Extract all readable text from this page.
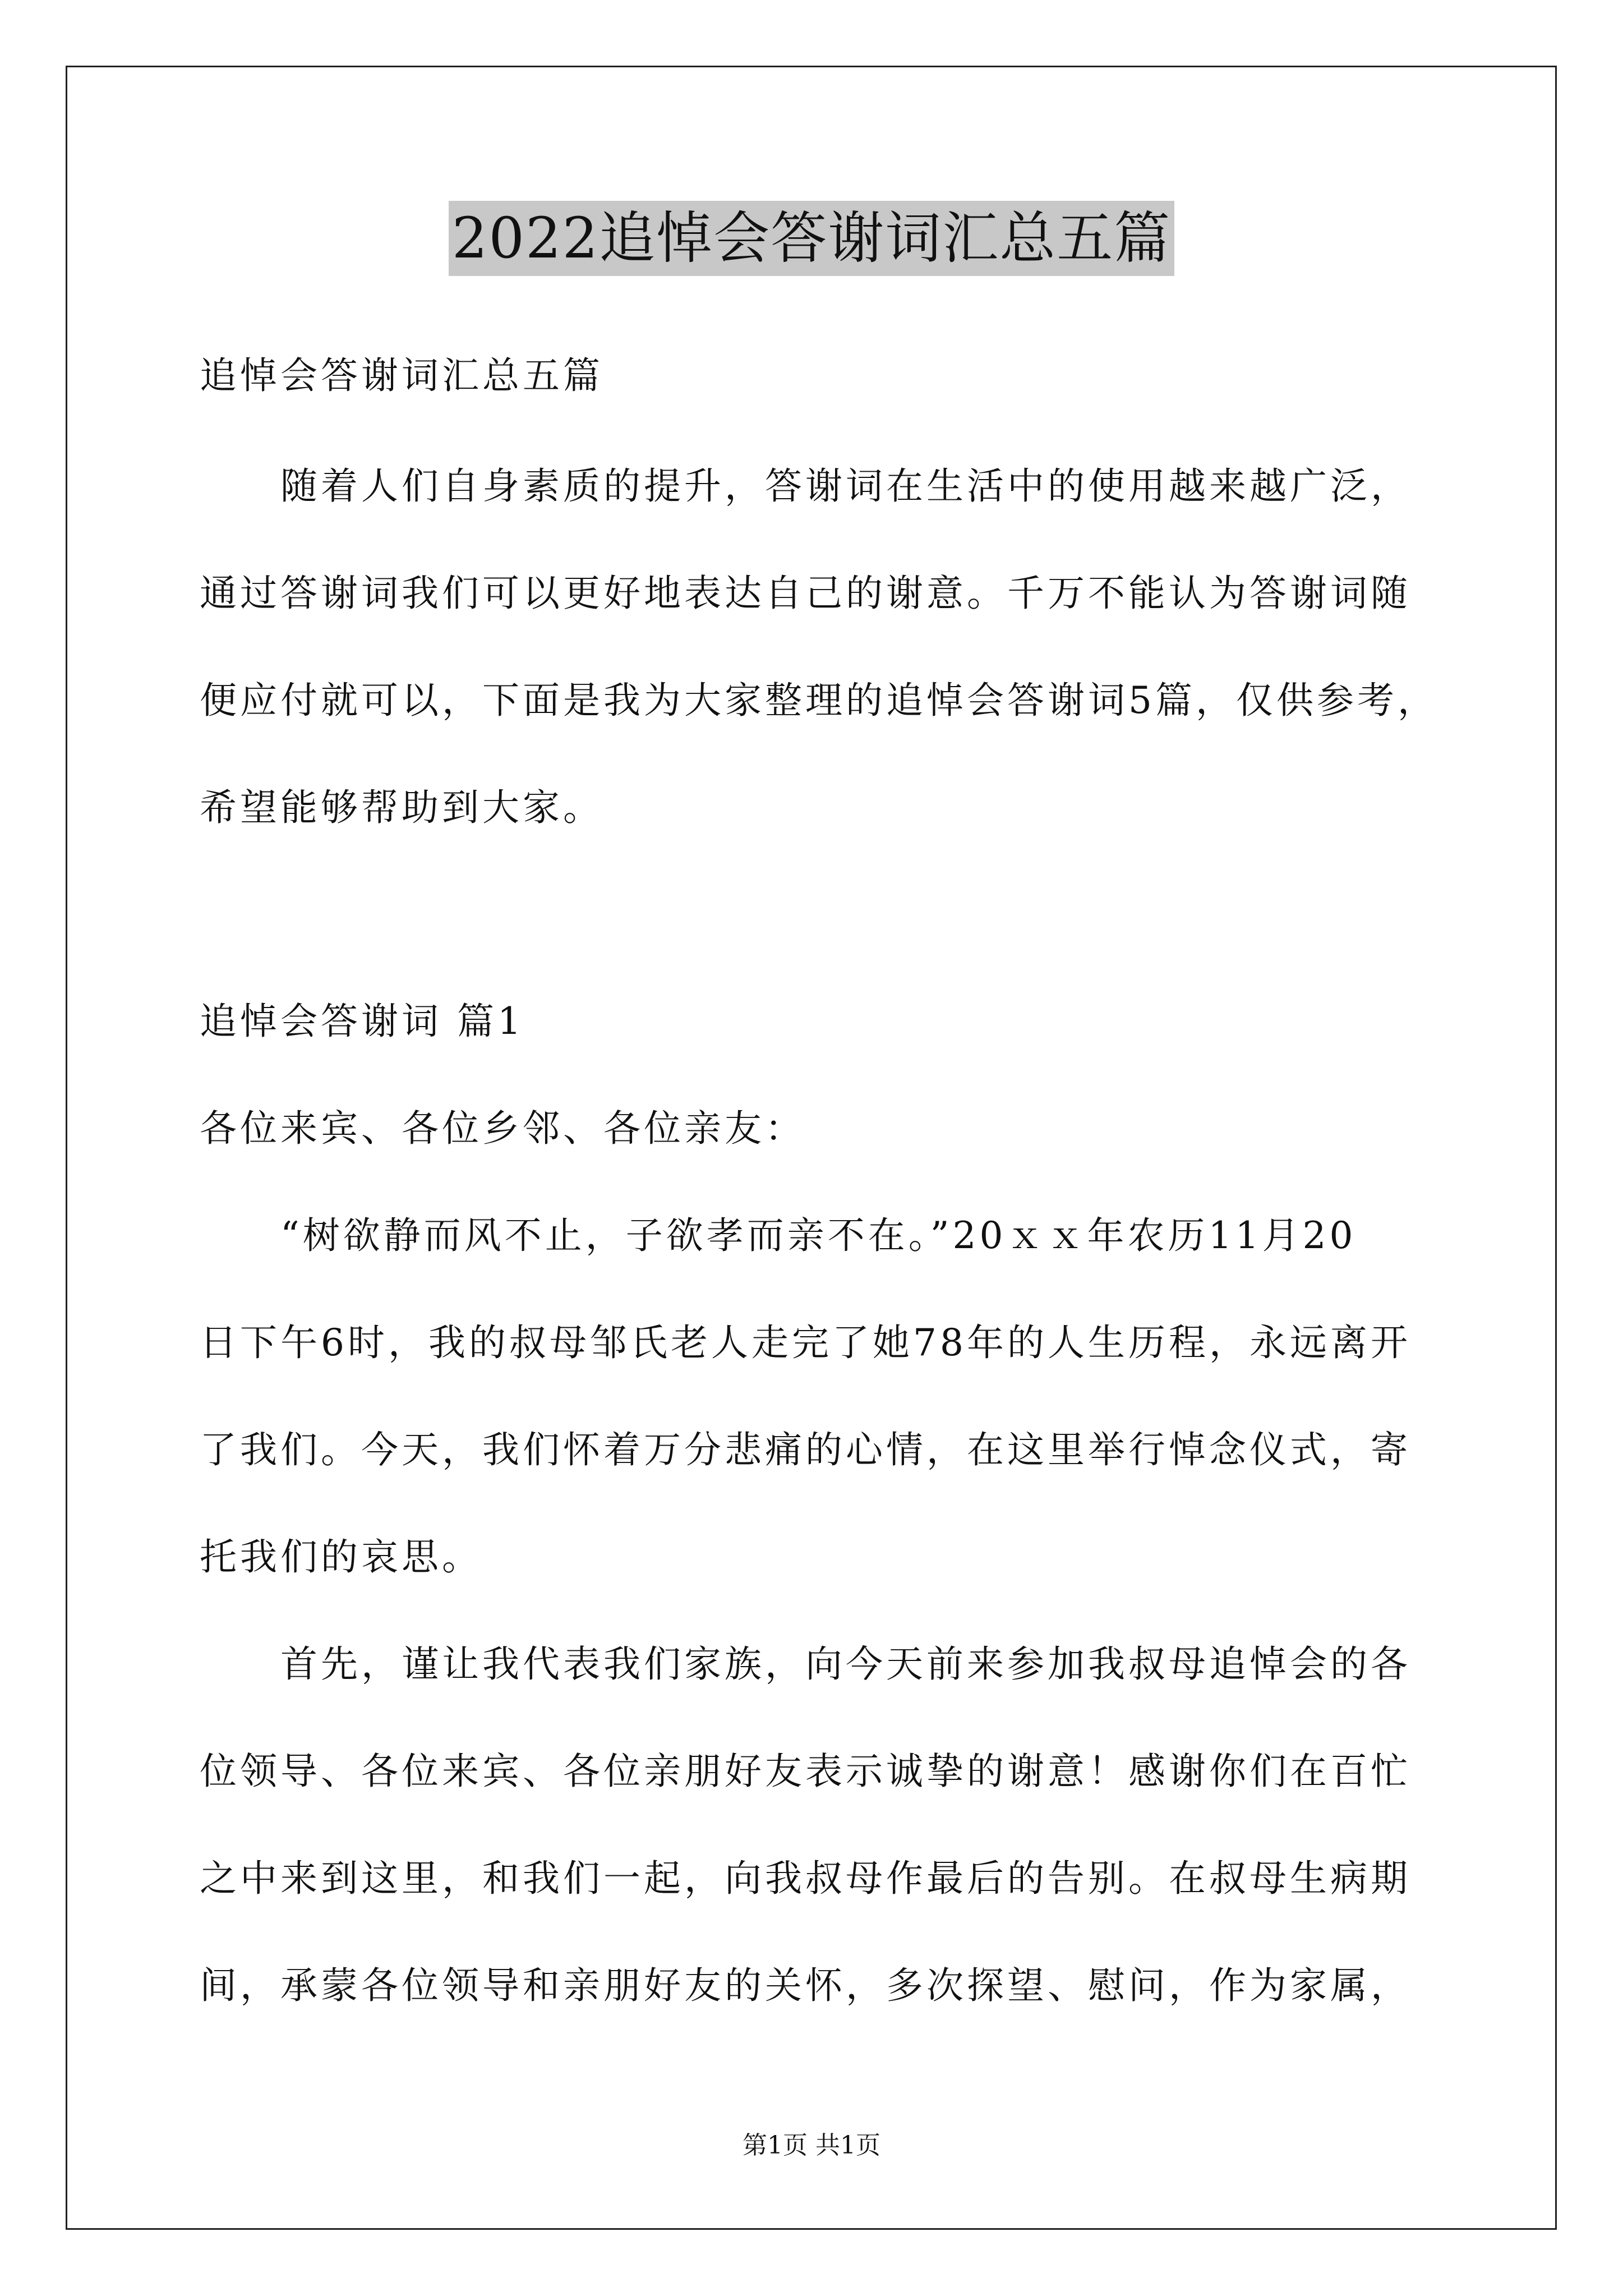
2022追悼会答谢词汇总五篇
追悼会答谢词汇总五篇
随着人们自身素质的提升，答谢词在生活中的使用越来越广泛，
通过答谢词我们可以更好地表达自己的谢意。千万不能认为答谢词随
便应付就可以，下面是我为大家整理的追悼会答谢词5篇，仅供参考，
希望能够帮助到大家。
追悼会答谢词 篇1
各位来宾、各位乡邻、各位亲友：
“树欲静而风不止，子欲孝而亲不在。”20ｘｘ年农历11月20
日下午6时，我的叔母邹氏老人走完了她78年的人生历程，永远离开
了我们。今天，我们怀着万分悲痛的心情，在这里举行悼念仪式，寄
托我们的哀思。
首先，谨让我代表我们家族，向今天前来参加我叔母追悼会的各
位领导、各位来宾、各位亲朋好友表示诚挚的谢意！感谢你们在百忙
之中来到这里，和我们一起，向我叔母作最后的告别。在叔母生病期
间，承蒙各位领导和亲朋好友的关怀，多次探望、慰问，作为家属，
第1页 共1页
